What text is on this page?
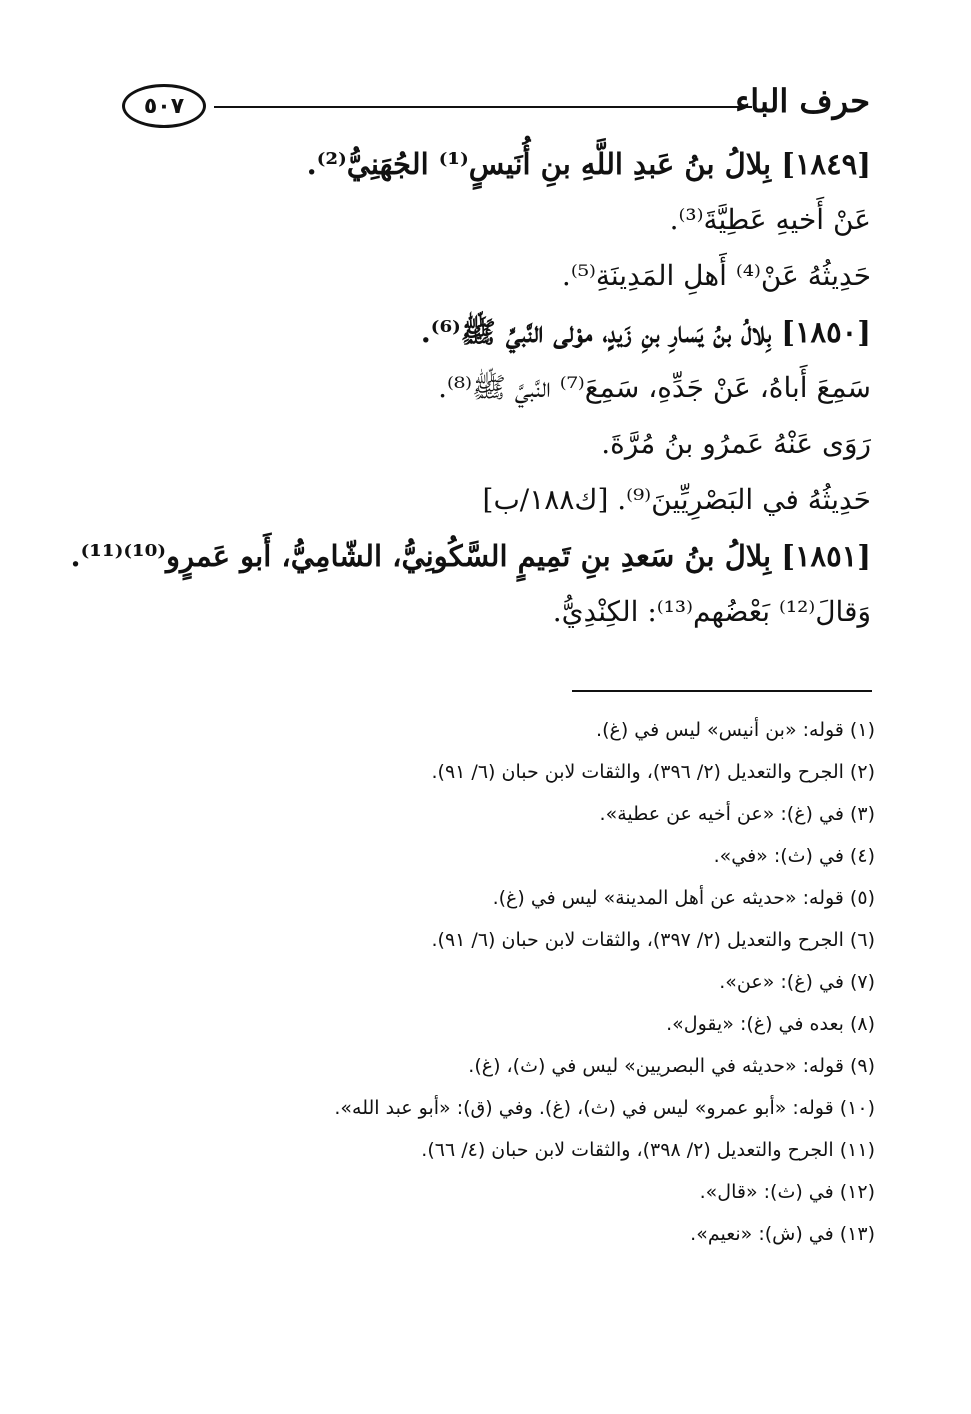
٥٠٧	حرف الباء
[١٨٤٩] بِلالُ بنُ عَبدِ اللَّهِ بنِ أُنَيسٍ⁽¹⁾ الجُهَنِيُّ⁽²⁾.
عَنْ أَخيهِ عَطِيَّةَ⁽³⁾.
حَدِيثُهُ عَنْ⁽⁴⁾ أَهلِ المَدِينَةِ⁽⁵⁾.
[١٨٥٠] بِلالُ بنُ يَسارِ بنِ زَيدٍ، موْلى النَّبيِّ ﷺ⁽⁶⁾.
سَمِعَ أَباهُ، عَنْ جَدِّهِ، سَمِعَ⁽⁷⁾ النَّبيَّ ﷺ⁽⁸⁾.
رَوَى عَنْهُ عَمرُو بنُ مُرَّةَ.
حَدِيثُهُ في البَصْرِيِّينَ⁽⁹⁾. [ك١٨٨/ب]
[١٨٥١] بِلالُ بنُ سَعدِ بنِ تَمِيمٍ السَّكُونِيُّ، الشّامِيُّ، أَبو عَمرٍو⁽¹⁰⁾⁽¹¹⁾.
وَقالَ⁽¹²⁾ بَعْضُهم⁽¹³⁾: الكِنْدِيُّ.
(١) قوله: «بن أنيس» ليس في (غ).
(٢) الجرح والتعديل (٢/ ٣٩٦)، والثقات لابن حبان (٦/ ٩١).
(٣) في (غ): «عن أخيه عن عطية».
(٤) في (ث): «في».
(٥) قوله: «حديثه عن أهل المدينة» ليس في (غ).
(٦) الجرح والتعديل (٢/ ٣٩٧)، والثقات لابن حبان (٦/ ٩١).
(٧) في (غ): «عن».
(٨) بعده في (غ): «يقول».
(٩) قوله: «حديثه في البصريين» ليس في (ث)، (غ).
(١٠) قوله: «أبو عمرو» ليس في (ث)، (غ). وفي (ق): «أبو عبد الله».
(١١) الجرح والتعديل (٢/ ٣٩٨)، والثقات لابن حبان (٤/ ٦٦).
(١٢) في (ث): «قال».
(١٣) في (ش): «نعيم».
